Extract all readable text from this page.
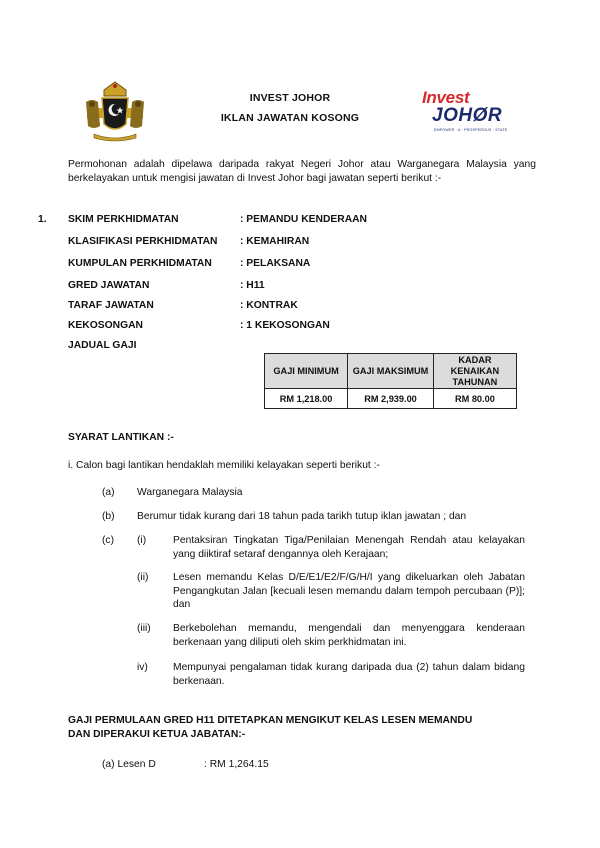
INVEST JOHOR
IKLAN JAWATAN KOSONG
Invest
JOHØR
EMPOWER · A · PROSPEROUS · STATE
Permohonan adalah dipelawa daripada rakyat Negeri Johor atau Warganegara Malaysia yang berkelayakan untuk mengisi jawatan di Invest Johor bagi jawatan seperti berikut :-
1. SKIM PERKHIDMATAN	: PEMANDU KENDERAAN
KLASIFIKASI PERKHIDMATAN : KEMAHIRAN
KUMPULAN PERKHIDMATAN	: PELAKSANA
GRED JAWATAN	: H11
TARAF JAWATAN	: KONTRAK
KEKOSONGAN	: 1 KEKOSONGAN
JADUAL GAJI
GAJI MINIMUM	GAJI MAKSIMUM	KADAR KENAIKAN TAHUNAN
RM 1,218.00	RM 2,939.00	RM 80.00
SYARAT LANTIKAN :-
i. Calon bagi lantikan hendaklah memiliki kelayakan seperti berikut :-
(a) Warganegara Malaysia
(b) Berumur tidak kurang dari 18 tahun pada tarikh tutup iklan jawatan ; dan
(c) (i)	Pentaksiran Tingkatan Tiga/Penilaian Menengah Rendah atau kelayakan yang diiktiraf setaraf dengannya oleh Kerajaan;
(ii) Lesen memandu Kelas D/E/E1/E2/F/G/H/I yang dikeluarkan oleh Jabatan Pengangkutan Jalan [kecuali lesen memandu dalam tempoh percubaan (P)]; dan
(iii) Berkebolehan memandu, mengendali dan menyenggara kenderaan berkenaan yang diliputi oleh skim perkhidmatan ini.
iv) Mempunyai pengalaman tidak kurang daripada dua (2) tahun dalam bidang berkenaan.
GAJI PERMULAAN GRED H11 DITETAPKAN MENGIKUT KELAS LESEN MEMANDU
DAN DIPERAKUI KETUA JABATAN:-
(a) Lesen D	: RM 1,264.15
